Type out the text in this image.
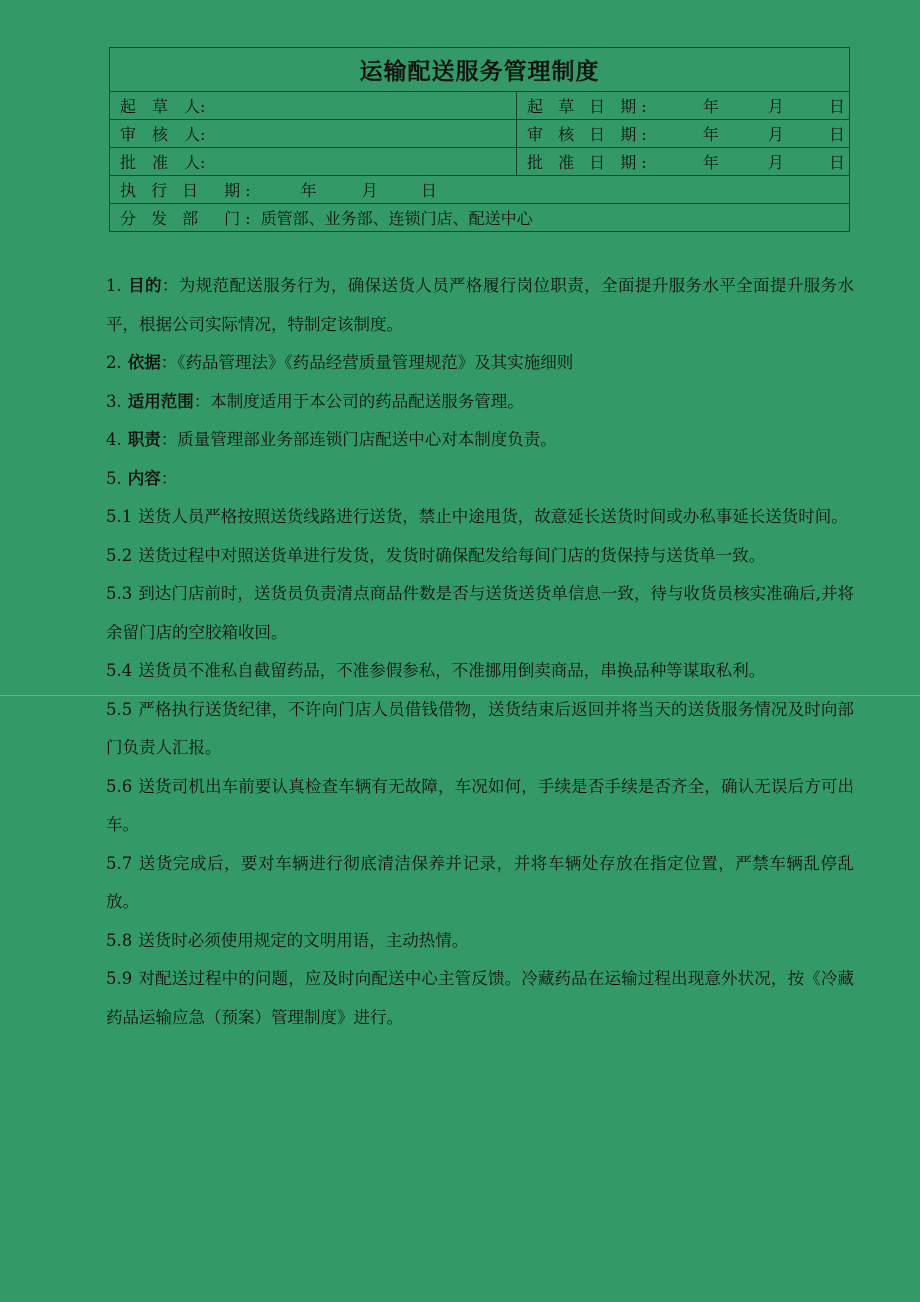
运输配送服务管理制度	
起　草　人:	起 草 日 期: 年 月 日
审　核　人:	审 核 日 期: 年 月 日
批　准　人:	批 准 日 期: 年 月 日
执 行 日　期: 年 月 日	
分 发 部　门: 质管部、业务部、连锁门店、配送中心	

1. 目的：为规范配送服务行为，确保送货人员严格履行岗位职责，全面提升服务水平全面提升服务水平，根据公司实际情况，特制定该制度。

2. 依据：《药品管理法》《药品经营质量管理规范》及其实施细则

3. 适用范围：本制度适用于本公司的药品配送服务管理。

4. 职责：质量管理部业务部连锁门店配送中心对本制度负责。

5. 内容：

5.1 送货人员严格按照送货线路进行送货，禁止中途甩货，故意延长送货时间或办私事延长送货时间。

5.2 送货过程中对照送货单进行发货，发货时确保配发给每间门店的货保持与送货单一致。

5.3 到达门店前时，送货员负责清点商品件数是否与送货送货单信息一致，待与收货员核实准确后,并将余留门店的空胶箱收回。

5.4 送货员不准私自截留药品，不准参假参私，不准挪用倒卖商品，串换品种等谋取私利。

5.5 严格执行送货纪律，不许向门店人员借钱借物，送货结束后返回并将当天的送货服务情况及时向部门负责人汇报。

5.6 送货司机出车前要认真检查车辆有无故障，车况如何，手续是否手续是否齐全，确认无误后方可出车。

5.7 送货完成后，要对车辆进行彻底清洁保养并记录，并将车辆处存放在指定位置，严禁车辆乱停乱放。

5.8 送货时必须使用规定的文明用语，主动热情。

5.9 对配送过程中的问题，应及时向配送中心主管反馈。冷藏药品在运输过程出现意外状况，按《冷藏药品运输应急（预案）管理制度》进行。
